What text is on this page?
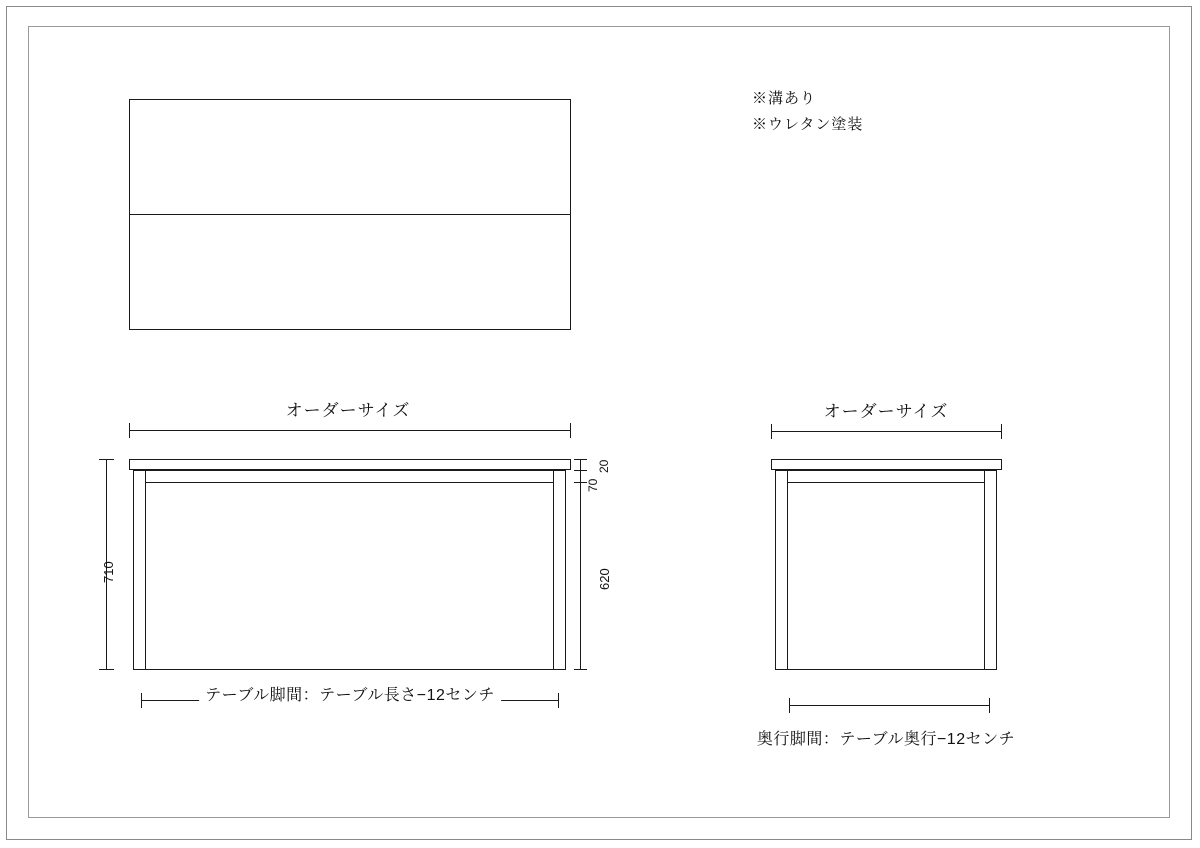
※溝あり
※ウレタン塗装
オーダーサイズ
710
20
70
620
テーブル脚間：テーブル長さ−12センチ
オーダーサイズ
奥行脚間：テーブル奥行−12センチ
